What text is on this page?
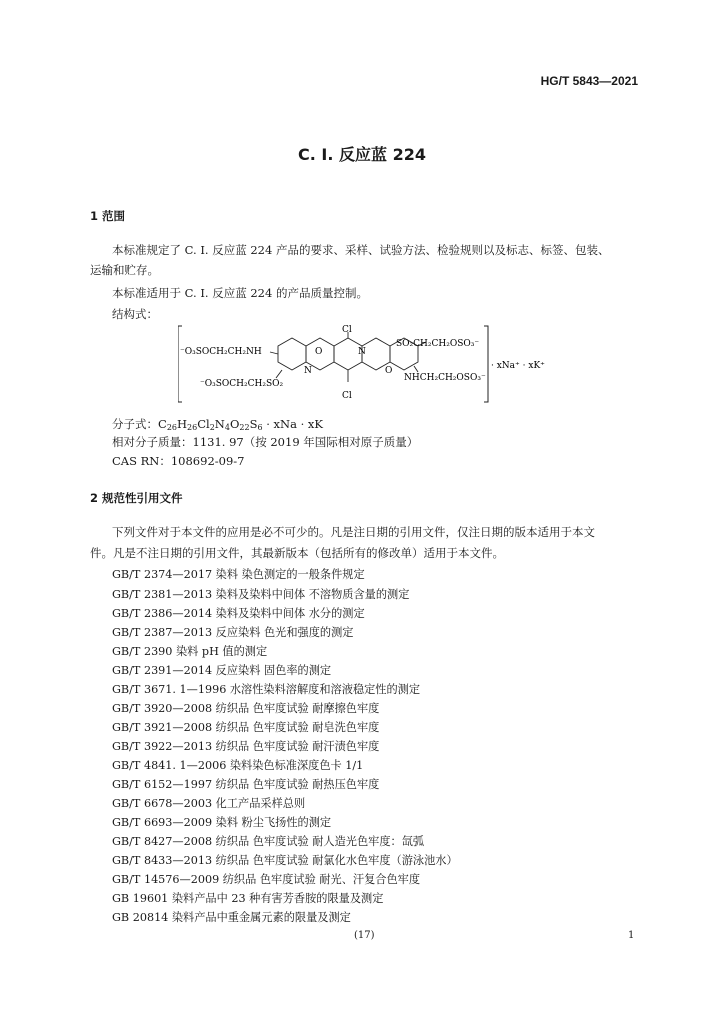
HG/T 5843—2021
C. I. 反应蓝 224
1 范围
本标准规定了 C. I. 反应蓝 224 产品的要求、采样、试验方法、检验规则以及标志、标签、包装、
运输和贮存。
本标准适用于 C. I. 反应蓝 224 的产品质量控制。
结构式：
⁻O₃SOCH₂CH₂NH
⁻O₃SOCH₂CH₂SO₂
O	N
N	O
Cl
Cl
SO₂CH₂CH₂OSO₃⁻
NHCH₂CH₂OSO₃⁻
· xNa⁺ · xK⁺
分子式：$C_{26}H_{26}Cl_2N_4O_{22}S_6$ · xNa · xK
相对分子质量：1131. 97（按 2019 年国际相对原子质量）
CAS RN：108692-09-7
2 规范性引用文件
下列文件对于本文件的应用是必不可少的。凡是注日期的引用文件，仅注日期的版本适用于本文
件。凡是不注日期的引用文件，其最新版本（包括所有的修改单）适用于本文件。
GB/T 2374—2017 染料 染色测定的一般条件规定
GB/T 2381—2013 染料及染料中间体 不溶物质含量的测定
GB/T 2386—2014 染料及染料中间体 水分的测定
GB/T 2387—2013 反应染料 色光和强度的测定
GB/T 2390 染料 pH 值的测定
GB/T 2391—2014 反应染料 固色率的测定
GB/T 3671. 1—1996 水溶性染料溶解度和溶液稳定性的测定
GB/T 3920—2008 纺织品 色牢度试验 耐摩擦色牢度
GB/T 3921—2008 纺织品 色牢度试验 耐皂洗色牢度
GB/T 3922—2013 纺织品 色牢度试验 耐汗渍色牢度
GB/T 4841. 1—2006 染料染色标准深度色卡 1/1
GB/T 6152—1997 纺织品 色牢度试验 耐热压色牢度
GB/T 6678—2003 化工产品采样总则
GB/T 6693—2009 染料 粉尘飞扬性的测定
GB/T 8427—2008 纺织品 色牢度试验 耐人造光色牢度：氙弧
GB/T 8433—2013 纺织品 色牢度试验 耐氯化水色牢度（游泳池水）
GB/T 14576—2009 纺织品 色牢度试验 耐光、汗复合色牢度
GB 19601 染料产品中 23 种有害芳香胺的限量及测定
GB 20814 染料产品中重金属元素的限量及测定
(17)	1
